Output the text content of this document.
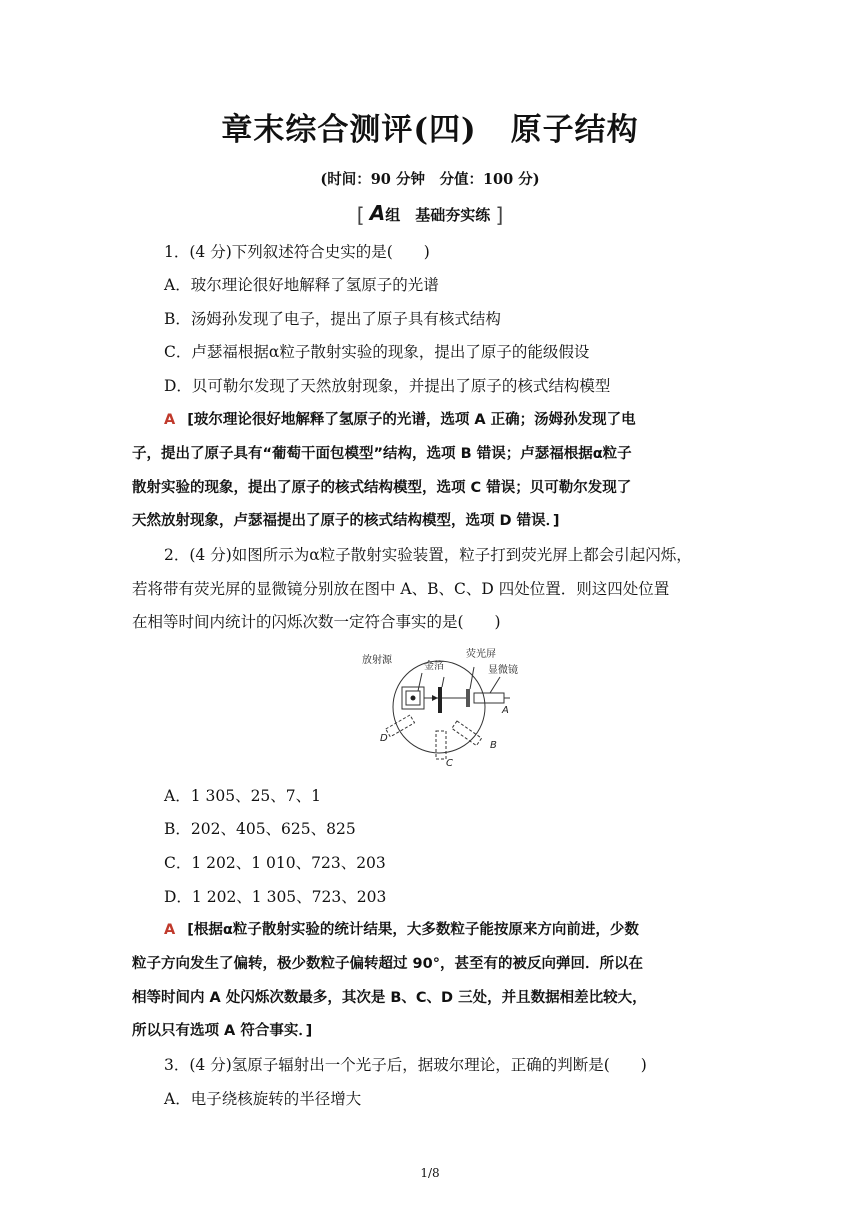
章末综合测评(四) 原子结构
(时间：90 分钟　分值：100 分)
[ A组　基础夯实练 ]
1．(4 分)下列叙述符合史实的是(　　)
A．玻尔理论很好地解释了氢原子的光谱
B．汤姆孙发现了电子，提出了原子具有核式结构
C．卢瑟福根据α粒子散射实验的现象，提出了原子的能级假设
D．贝可勒尔发现了天然放射现象，并提出了原子的核式结构模型
A [玻尔理论很好地解释了氢原子的光谱，选项 A 正确；汤姆孙发现了电
子，提出了原子具有“葡萄干面包模型”结构，选项 B 错误；卢瑟福根据α粒子
散射实验的现象，提出了原子的核式结构模型，选项 C 错误；贝可勒尔发现了
天然放射现象，卢瑟福提出了原子的核式结构模型，选项 D 错误．]
2．(4 分)如图所示为α粒子散射实验装置，粒子打到荧光屏上都会引起闪烁，
若将带有荧光屏的显微镜分别放在图中 A、B、C、D 四处位置．则这四处位置
在相等时间内统计的闪烁次数一定符合事实的是(　　)
放射源
金箔
荧光屏
显微镜
A
B
C
D
A．1 305、25、7、1
B．202、405、625、825
C．1 202、1 010、723、203
D．1 202、1 305、723、203
A [根据α粒子散射实验的统计结果，大多数粒子能按原来方向前进，少数
粒子方向发生了偏转，极少数粒子偏转超过 90°，甚至有的被反向弹回．所以在
相等时间内 A 处闪烁次数最多，其次是 B、C、D 三处，并且数据相差比较大，
所以只有选项 A 符合事实．]
3．(4 分)氢原子辐射出一个光子后，据玻尔理论，正确的判断是(　　)
A．电子绕核旋转的半径增大
1/8
